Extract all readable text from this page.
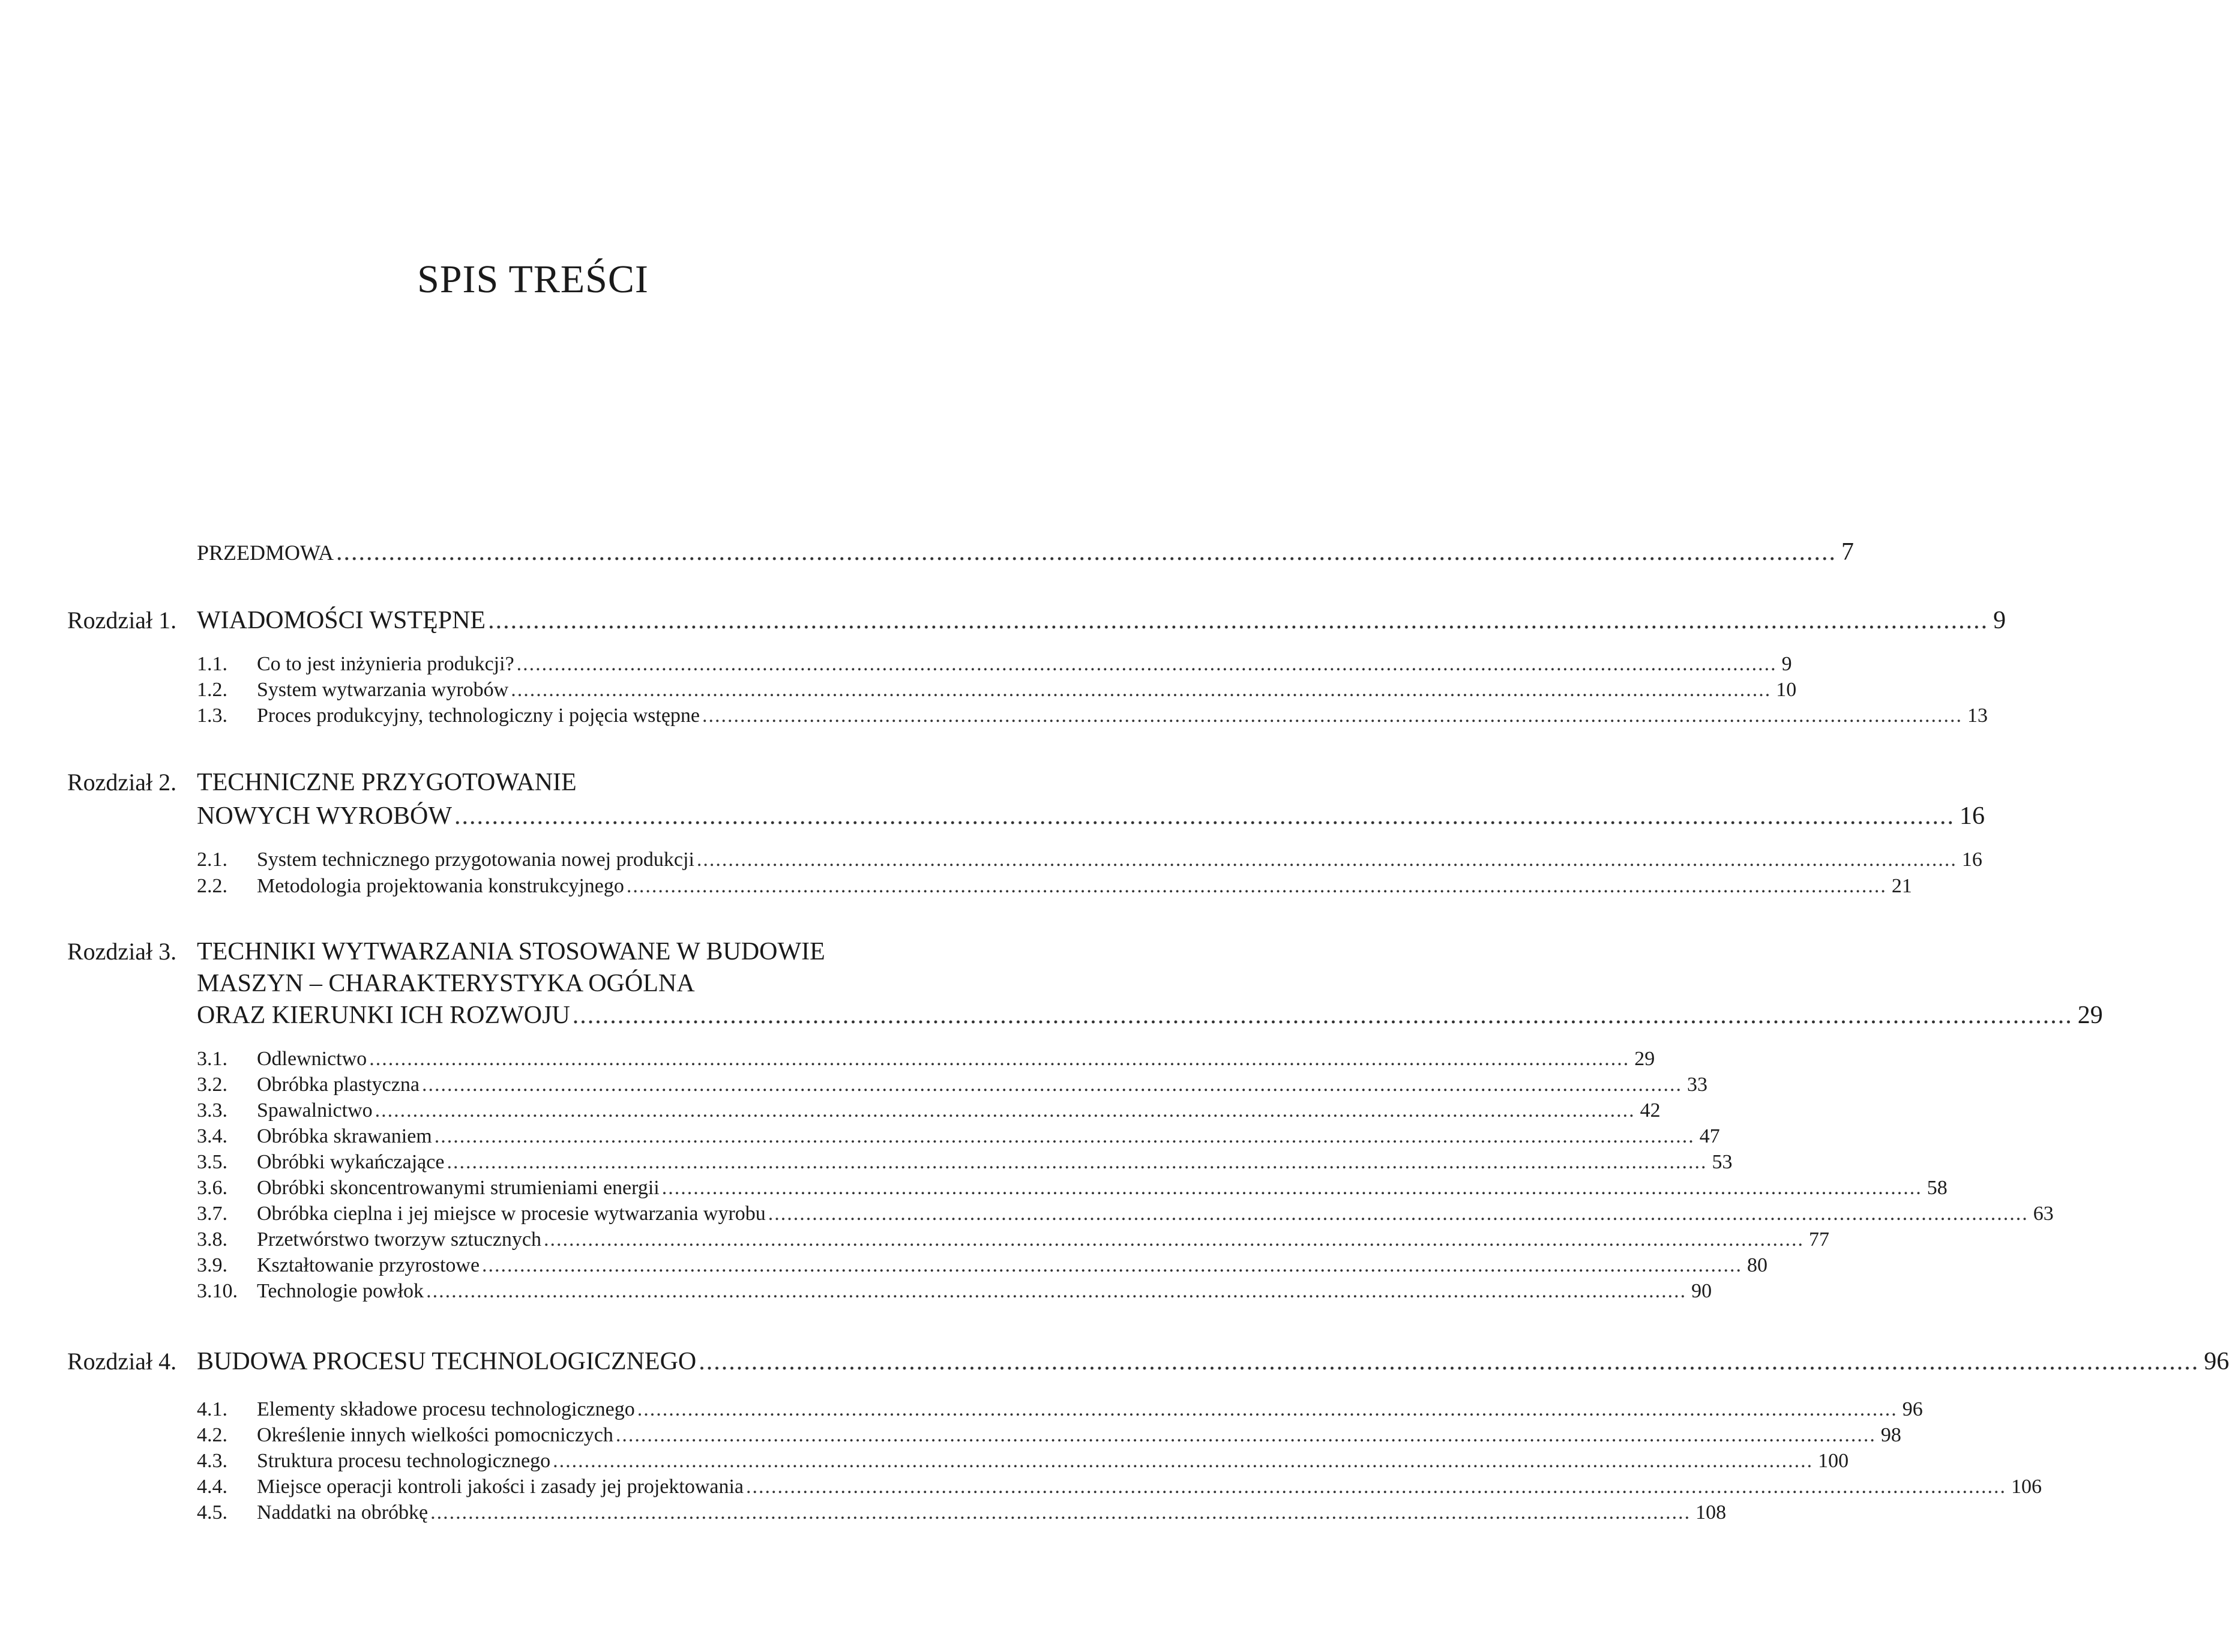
SPIS TREŚCI
PRZEDMOWA ........................................................................................................................................................................................................ 7
Rozdział 1. WIADOMOŚCI WSTĘPNE ........................................................................................................................................................................................................ 9
1.1. Co to jest inżynieria produkcji? ........................................................................................................................................................................................................ 9
1.2. System wytwarzania wyrobów ........................................................................................................................................................................................................ 10
1.3. Proces produkcyjny, technologiczny i pojęcia wstępne ........................................................................................................................................................................................................ 13
Rozdział 2. TECHNICZNE PRZYGOTOWANIE
NOWYCH WYROBÓW ........................................................................................................................................................................................................ 16
2.1. System technicznego przygotowania nowej produkcji ........................................................................................................................................................................................................ 16
2.2. Metodologia projektowania konstrukcyjnego ........................................................................................................................................................................................................ 21
Rozdział 3. TECHNIKI WYTWARZANIA STOSOWANE W BUDOWIE
MASZYN – CHARAKTERYSTYKA OGÓLNA
ORAZ KIERUNKI ICH ROZWOJU ........................................................................................................................................................................................................ 29
3.1. Odlewnictwo ........................................................................................................................................................................................................ 29
3.2. Obróbka plastyczna ........................................................................................................................................................................................................ 33
3.3. Spawalnictwo ........................................................................................................................................................................................................ 42
3.4. Obróbka skrawaniem ........................................................................................................................................................................................................ 47
3.5. Obróbki wykańczające ........................................................................................................................................................................................................ 53
3.6. Obróbki skoncentrowanymi strumieniami energii ........................................................................................................................................................................................................ 58
3.7. Obróbka cieplna i jej miejsce w procesie wytwarzania wyrobu ........................................................................................................................................................................................................ 63
3.8. Przetwórstwo tworzyw sztucznych ........................................................................................................................................................................................................ 77
3.9. Kształtowanie przyrostowe ........................................................................................................................................................................................................ 80
3.10. Technologie powłok ........................................................................................................................................................................................................ 90
Rozdział 4. BUDOWA PROCESU TECHNOLOGICZNEGO ........................................................................................................................................................................................................ 96
4.1. Elementy składowe procesu technologicznego ........................................................................................................................................................................................................ 96
4.2. Określenie innych wielkości pomocniczych ........................................................................................................................................................................................................ 98
4.3. Struktura procesu technologicznego ........................................................................................................................................................................................................ 100
4.4. Miejsce operacji kontroli jakości i zasady jej projektowania ........................................................................................................................................................................................................ 106
4.5. Naddatki na obróbkę ........................................................................................................................................................................................................ 108
